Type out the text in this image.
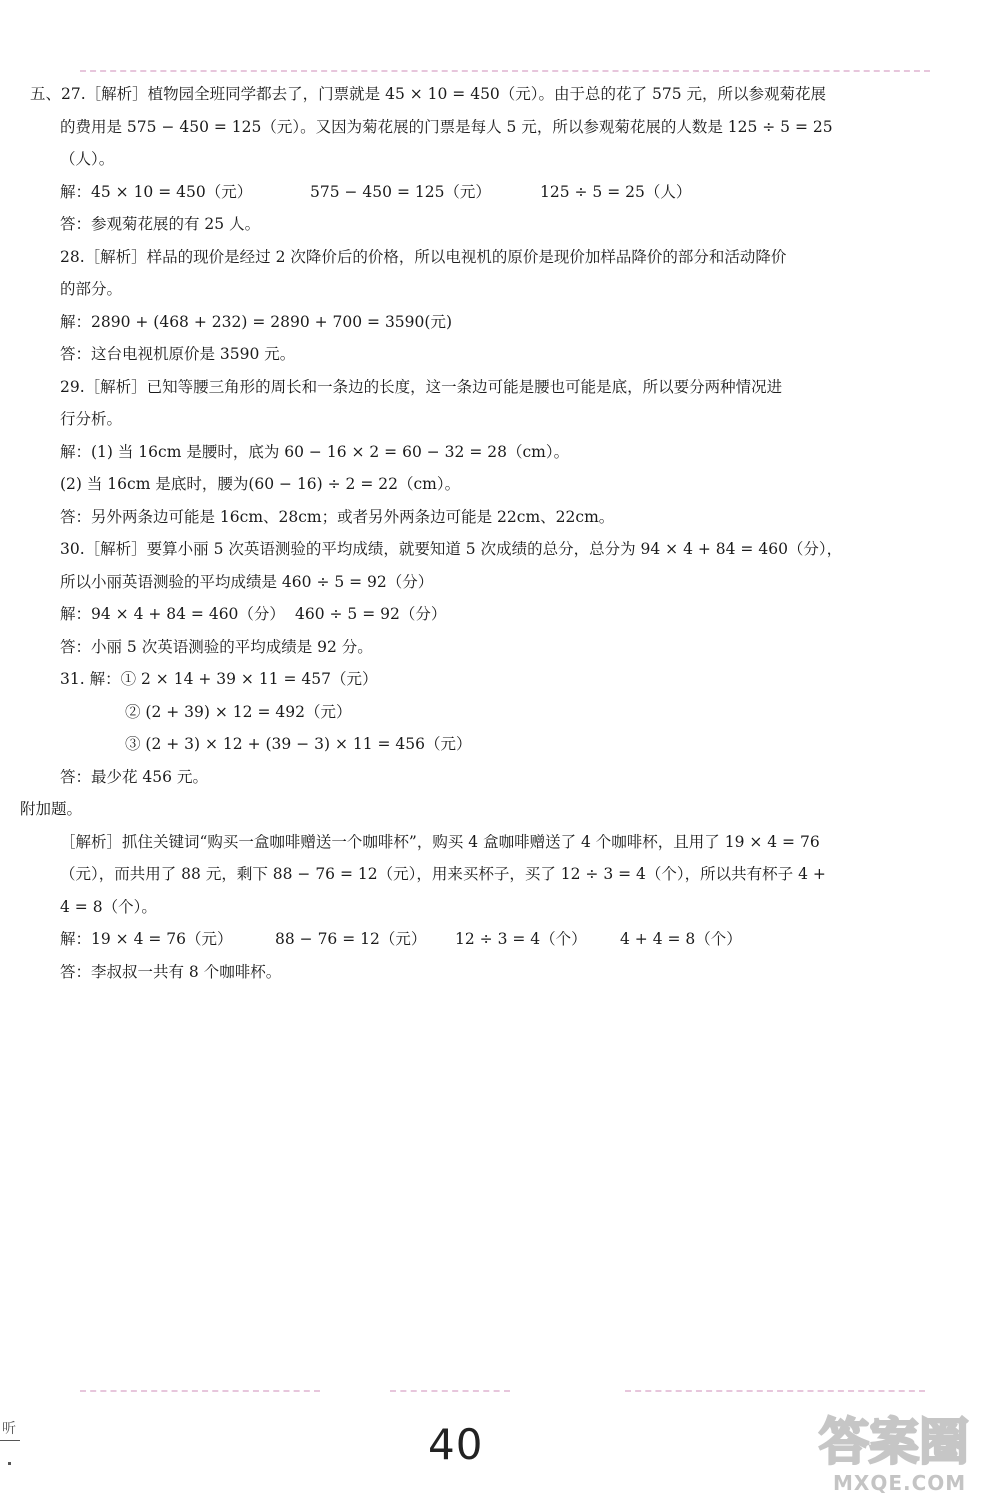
五、27.［解析］植物园全班同学都去了，门票就是 45 × 10 = 450（元）。由于总的花了 575 元，所以参观菊花展
的费用是 575 − 450 = 125（元）。又因为菊花展的门票是每人 5 元，所以参观菊花展的人数是 125 ÷ 5 = 25
（人）。
解：45 × 10 = 450（元）	575 − 450 = 125（元）	125 ÷ 5 = 25（人）
答：参观菊花展的有 25 人。
28.［解析］样品的现价是经过 2 次降价后的价格，所以电视机的原价是现价加样品降价的部分和活动降价
的部分。
解：2890 + (468 + 232) = 2890 + 700 = 3590(元)
答：这台电视机原价是 3590 元。
29.［解析］已知等腰三角形的周长和一条边的长度，这一条边可能是腰也可能是底，所以要分两种情况进
行分析。
解：(1) 当 16cm 是腰时，底为 60 − 16 × 2 = 60 − 32 = 28（cm）。
(2) 当 16cm 是底时，腰为(60 − 16) ÷ 2 = 22（cm）。
答：另外两条边可能是 16cm、28cm；或者另外两条边可能是 22cm、22cm。
30.［解析］要算小丽 5 次英语测验的平均成绩，就要知道 5 次成绩的总分，总分为 94 × 4 + 84 = 460（分），
所以小丽英语测验的平均成绩是 460 ÷ 5 = 92（分）
解：94 × 4 + 84 = 460（分） 460 ÷ 5 = 92（分）
答：小丽 5 次英语测验的平均成绩是 92 分。
31. 解：① 2 × 14 + 39 × 11 = 457（元）
② (2 + 39) × 12 = 492（元）
③ (2 + 3) × 12 + (39 − 3) × 11 = 456（元）
答：最少花 456 元。
附加题。
［解析］抓住关键词“购买一盒咖啡赠送一个咖啡杯”，购买 4 盒咖啡赠送了 4 个咖啡杯，且用了 19 × 4 = 76
（元），而共用了 88 元，剩下 88 − 76 = 12（元），用来买杯子，买了 12 ÷ 3 = 4（个），所以共有杯子 4 +
4 = 8（个）。
解：19 × 4 = 76（元）	88 − 76 = 12（元） 12 ÷ 3 = 4（个） 4 + 4 = 8（个）
答：李叔叔一共有 8 个咖啡杯。
听	40	答案圈
MXQE.COM
